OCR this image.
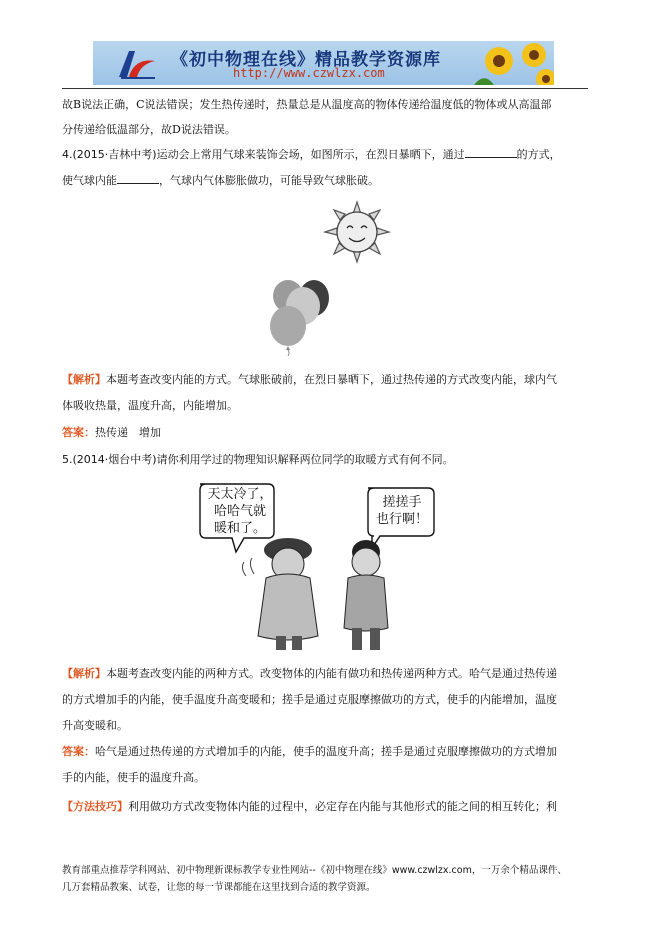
《初中物理在线》精品教学资源库
http://www.czwlzx.com
故B说法正确，C说法错误；发生热传递时，热量总是从温度高的物体传递给温度低的物体或从高温部
分传递给低温部分，故D说法错误。
4.(2015·吉林中考)运动会上常用气球来装饰会场，如图所示，在烈日暴晒下，通过	的方式，
使气球内能	，气球内气体膨胀做功，可能导致气球胀破。
【解析】本题考查改变内能的方式。气球胀破前，在烈日暴晒下，通过热传递的方式改变内能，球内气
体吸收热量，温度升高，内能增加。
答案：热传递　增加
5.(2014·烟台中考)请你利用学过的物理知识解释两位同学的取暖方式有何不同。
天太冷了，
哈哈气就
暖和了。
搓搓手
也行啊！
【解析】本题考查改变内能的两种方式。改变物体的内能有做功和热传递两种方式。哈气是通过热传递
的方式增加手的内能，使手温度升高变暖和；搓手是通过克服摩擦做功的方式，使手的内能增加，温度
升高变暖和。
答案：哈气是通过热传递的方式增加手的内能，使手的温度升高；搓手是通过克服摩擦做功的方式增加
手的内能，使手的温度升高。
【方法技巧】利用做功方式改变物体内能的过程中，必定存在内能与其他形式的能之间的相互转化；利
教育部重点推荐学科网站、初中物理新课标教学专业性网站--《初中物理在线》www.czwlzx.com，一万余个精品课件、
几万套精品教案、试卷，让您的每一节课都能在这里找到合适的教学资源。
